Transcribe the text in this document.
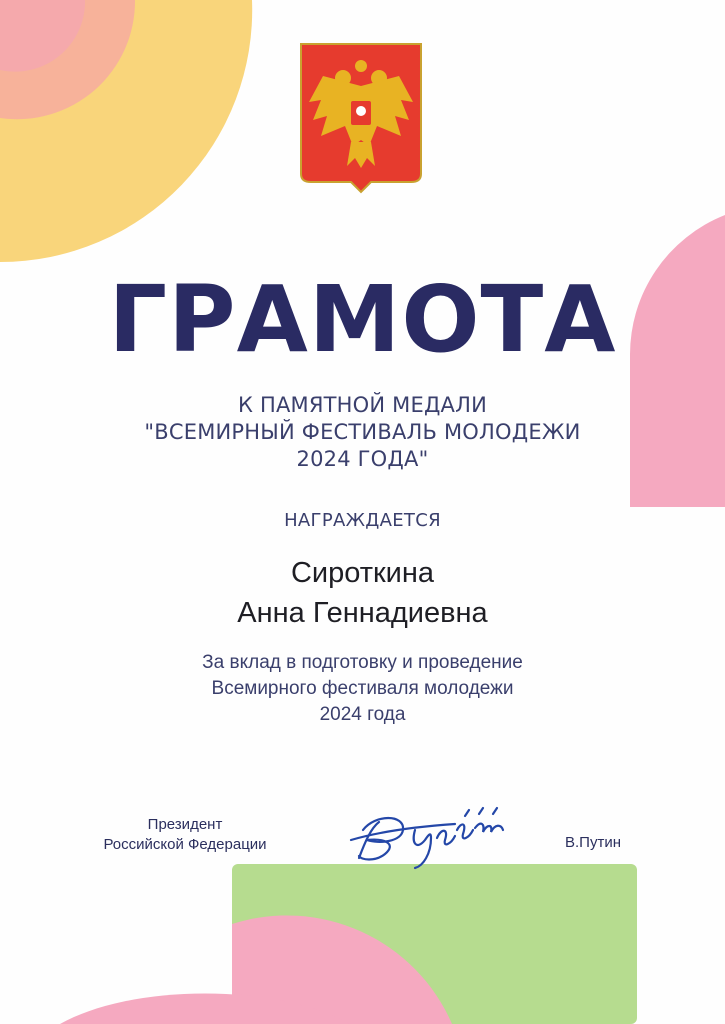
ГРАМОТА
К ПАМЯТНОЙ МЕДАЛИ
"ВСЕМИРНЫЙ ФЕСТИВАЛЬ МОЛОДЕЖИ
2024 ГОДА"
НАГРАЖДАЕТСЯ
Сироткина
Анна Геннадиевна
За вклад в подготовку и проведение
Всемирного фестиваля молодежи
2024 года
Президент
Российской Федерации	В.Путин
